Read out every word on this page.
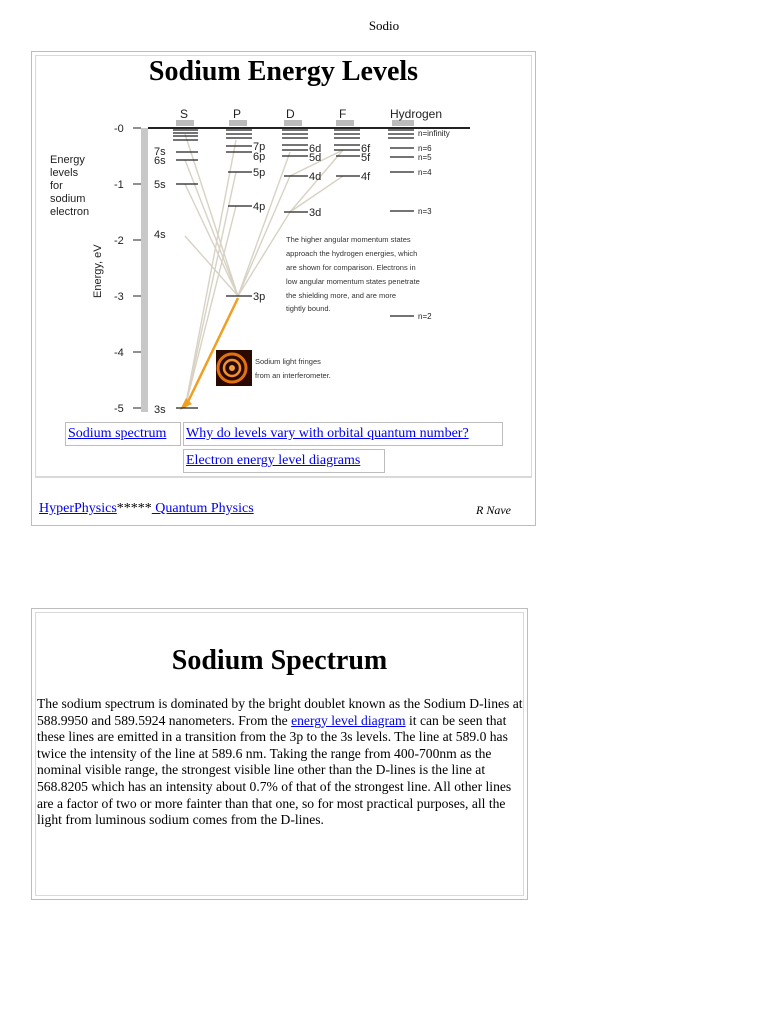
Sodio
Sodium Energy Levels
S	P	D	F	Hydrogen
-0
-1
-2
-3
-4
-5
Energy
levels
for
sodium
electron
Energy, eV
7s
6s
5s
4s
3s
7p
6p
5p
4p
3p
6d
5d
4d
3d
6f
5f
4f
n=infinity
n=6
n=5
n=4
n=3
n=2
The higher angular momentum states
approach the hydrogen energies, which
are shown for comparison. Electrons in
low angular momentum states penetrate
the shielding more, and are more
tightly bound.
Sodium light fringes
from an interferometer.
Sodium spectrum	Why do levels vary with orbital quantum number?
Electron energy level diagrams
HyperPhysics***** Quantum Physics	R Nave
Sodium Spectrum
The sodium spectrum is dominated by the bright doublet known as the Sodium D-lines at 588.9950 and 589.5924 nanometers. From the energy level diagram it can be seen that these lines are emitted in a transition from the 3p to the 3s levels. The line at 589.0 has twice the intensity of the line at 589.6 nm. Taking the range from 400-700nm as the nominal visible range, the strongest visible line other than the D-lines is the line at 568.8205 which has an intensity about 0.7% of that of the strongest line. All other lines are a factor of two or more fainter than that one, so for most practical purposes, all the light from luminous sodium comes from the D-lines.
